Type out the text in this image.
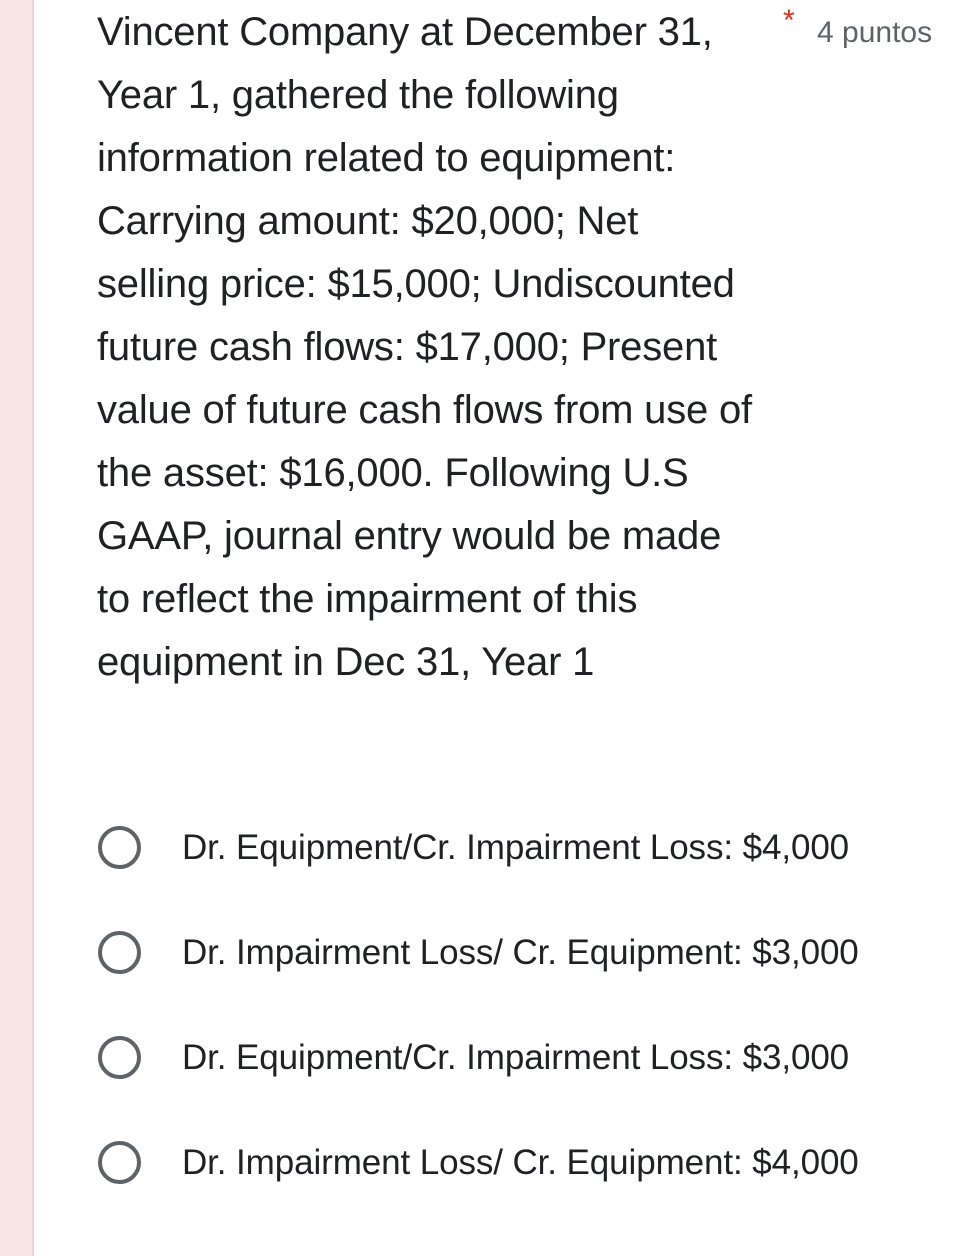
Vincent Company at December 31, Year 1, gathered the following information related to equipment: Carrying amount: $20,000; Net selling price: $15,000; Undiscounted future cash flows: $17,000; Present value of future cash flows from use of the asset: $16,000. Following U.S GAAP, journal entry would be made to reflect the impairment of this equipment in Dec 31, Year 1

* 4 puntos
Dr. Equipment/Cr. Impairment Loss: $4,000
Dr. Impairment Loss/ Cr. Equipment: $3,000
Dr. Equipment/Cr. Impairment Loss: $3,000
Dr. Impairment Loss/ Cr. Equipment: $4,000
